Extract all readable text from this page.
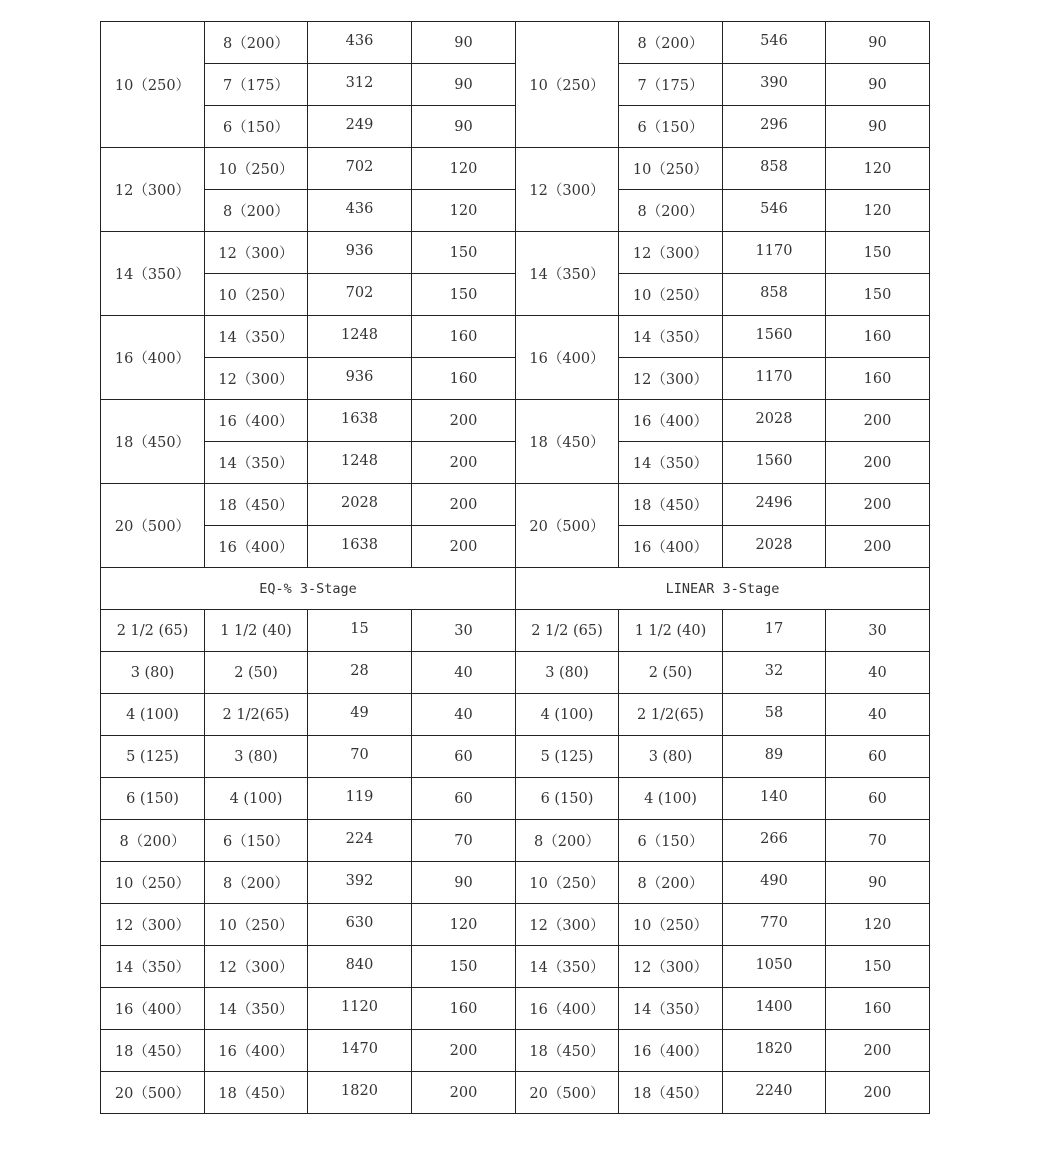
10（250）	8（200）	436	90	10（250）	8（200）	546	90
	7（175）	312	90		7（175）	390	90
	6（150）	249	90		6（150）	296	90
12（300）	10（250）	702	120	12（300）	10（250）	858	120
	8（200）	436	120		8（200）	546	120
14（350）	12（300）	936	150	14（350）	12（300）	1170	150
	10（250）	702	150		10（250）	858	150
16（400）	14（350）	1248	160	16（400）	14（350）	1560	160
	12（300）	936	160		12（300）	1170	160
18（450）	16（400）	1638	200	18（450）	16（400）	2028	200
	14（350）	1248	200		14（350）	1560	200
20（500）	18（450）	2028	200	20（500）	18（450）	2496	200
	16（400）	1638	200		16（400）	2028	200
EQ-% 3-Stage				LINEAR 3-Stage			
2 1/2 (65)	1 1/2 (40)	15	30	2 1/2 (65)	1 1/2 (40)	17	30
3 (80)	2 (50)	28	40	3 (80)	2 (50)	32	40
4 (100)	2 1/2(65)	49	40	4 (100)	2 1/2(65)	58	40
5 (125)	3 (80)	70	60	5 (125)	3 (80)	89	60
6 (150)	4 (100)	119	60	6 (150)	4 (100)	140	60
8（200）	6（150）	224	70	8（200）	6（150）	266	70
10（250）	8（200）	392	90	10（250）	8（200）	490	90
12（300）	10（250）	630	120	12（300）	10（250）	770	120
14（350）	12（300）	840	150	14（350）	12（300）	1050	150
16（400）	14（350）	1120	160	16（400）	14（350）	1400	160
18（450）	16（400）	1470	200	18（450）	16（400）	1820	200
20（500）	18（450）	1820	200	20（500）	18（450）	2240	200
